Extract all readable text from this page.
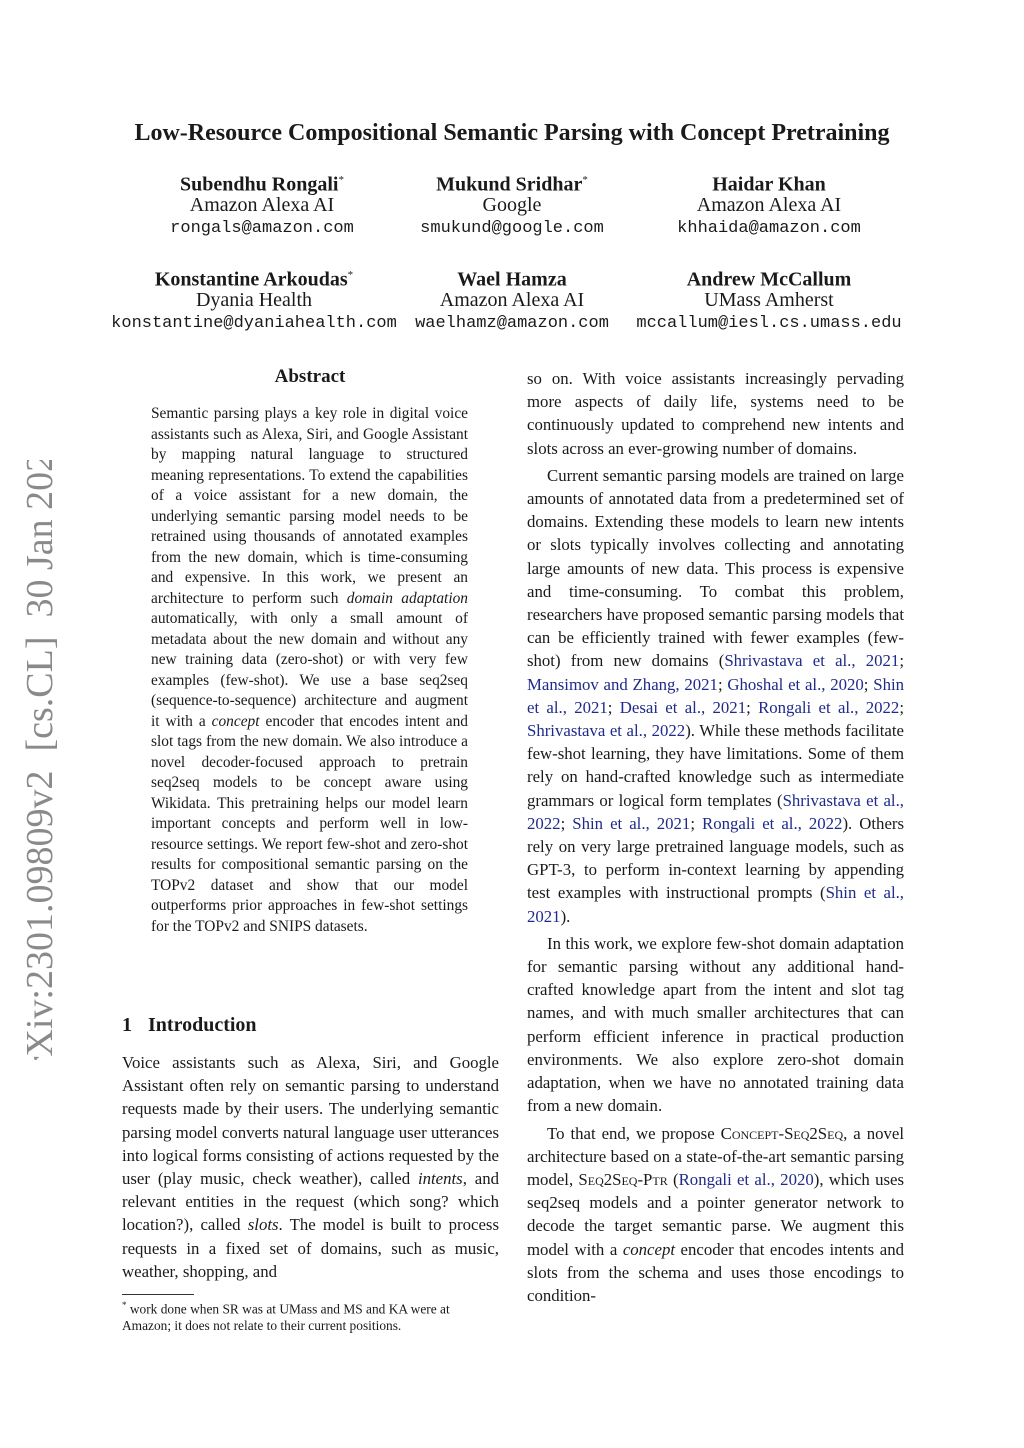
arXiv:2301.09809v2  [cs.CL]  30 Jan 2023
Low-Resource Compositional Semantic Parsing with Concept Pretraining
Subendhu Rongali*
Amazon Alexa AI
rongals@amazon.com
Mukund Sridhar*
Google
smukund@google.com
Haidar Khan
Amazon Alexa AI
khhaida@amazon.com
Konstantine Arkoudas*
Dyania Health
konstantine@dyaniahealth.com
Wael Hamza
Amazon Alexa AI
waelhamz@amazon.com
Andrew McCallum
UMass Amherst
mccallum@iesl.cs.umass.edu
Abstract

Semantic parsing plays a key role in digital voice assistants such as Alexa, Siri, and Google Assistant by mapping natural language to structured meaning representations. To extend the capabilities of a voice assistant for a new domain, the underlying semantic parsing model needs to be retrained using thousands of annotated examples from the new domain, which is time-consuming and expensive. In this work, we present an architecture to perform such domain adaptation automatically, with only a small amount of metadata about the new domain and without any new training data (zero-shot) or with very few examples (few-shot). We use a base seq2seq (sequence-to-sequence) architecture and augment it with a concept encoder that encodes intent and slot tags from the new domain. We also introduce a novel decoder-focused approach to pretrain seq2seq models to be concept aware using Wikidata. This pretraining helps our model learn important concepts and perform well in low-resource settings. We report few-shot and zero-shot results for compositional semantic parsing on the TOPv2 dataset and show that our model outperforms prior approaches in few-shot settings for the TOPv2 and SNIPS datasets.

1 Introduction

Voice assistants such as Alexa, Siri, and Google Assistant often rely on semantic parsing to understand requests made by their users. The underlying semantic parsing model converts natural language user utterances into logical forms consisting of actions requested by the user (play music, check weather), called intents, and relevant entities in the request (which song? which location?), called slots. The model is built to process requests in a fixed set of domains, such as music, weather, shopping, and

* work done when SR was at UMass and MS and KA were at Amazon; it does not relate to their current positions.

so on. With voice assistants increasingly pervading more aspects of daily life, systems need to be continuously updated to comprehend new intents and slots across an ever-growing number of domains.

Current semantic parsing models are trained on large amounts of annotated data from a predetermined set of domains. Extending these models to learn new intents or slots typically involves collecting and annotating large amounts of new data. This process is expensive and time-consuming. To combat this problem, researchers have proposed semantic parsing models that can be efficiently trained with fewer examples (few-shot) from new domains (Shrivastava et al., 2021; Mansimov and Zhang, 2021; Ghoshal et al., 2020; Shin et al., 2021; Desai et al., 2021; Rongali et al., 2022; Shrivastava et al., 2022). While these methods facilitate few-shot learning, they have limitations. Some of them rely on hand-crafted knowledge such as intermediate grammars or logical form templates (Shrivastava et al., 2022; Shin et al., 2021; Rongali et al., 2022). Others rely on very large pretrained language models, such as GPT-3, to perform in-context learning by appending test examples with instructional prompts (Shin et al., 2021).

In this work, we explore few-shot domain adaptation for semantic parsing without any additional hand-crafted knowledge apart from the intent and slot tag names, and with much smaller architectures that can perform efficient inference in practical production environments. We also explore zero-shot domain adaptation, when we have no annotated training data from a new domain.

To that end, we propose Concept-Seq2Seq, a novel architecture based on a state-of-the-art semantic parsing model, Seq2Seq-Ptr (Rongali et al., 2020), which uses seq2seq models and a pointer generator network to decode the target semantic parse. We augment this model with a concept encoder that encodes intents and slots from the schema and uses those encodings to condition-
